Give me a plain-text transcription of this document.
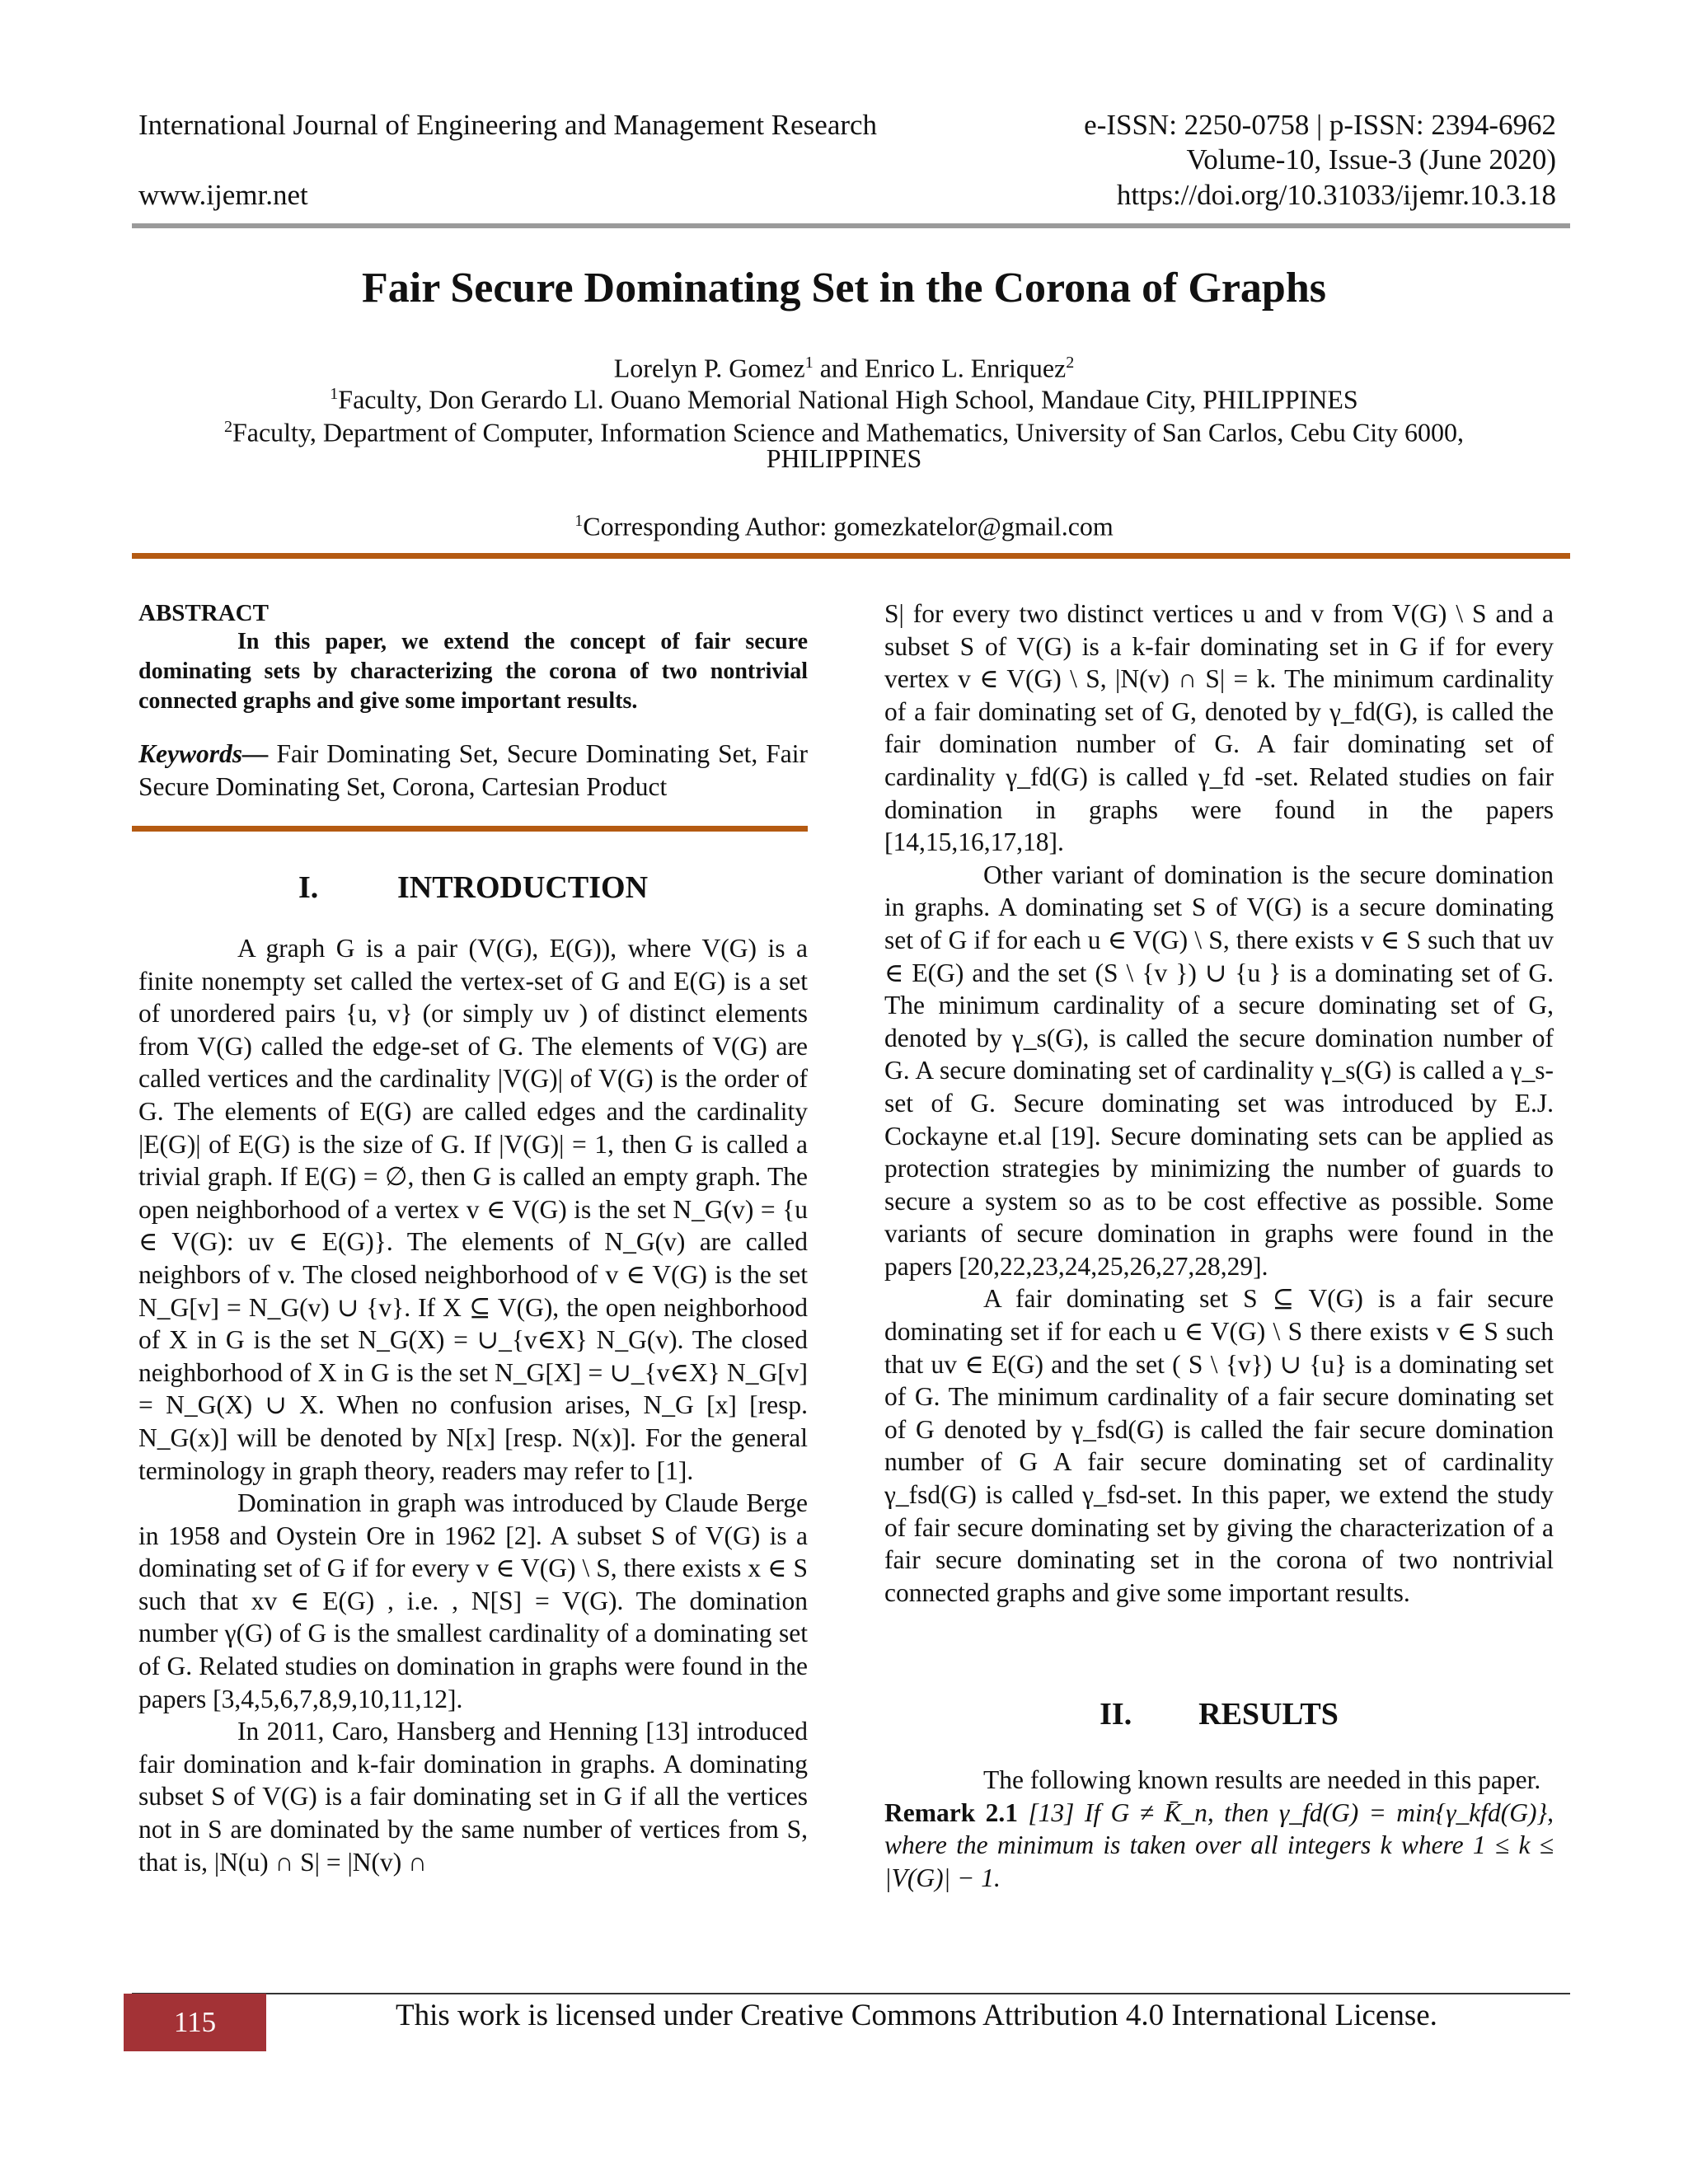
International Journal of Engineering and Management Research	e-ISSN: 2250-0758 | p-ISSN: 2394-6962
Volume-10, Issue-3 (June 2020)
www.ijemr.net	https://doi.org/10.31033/ijemr.10.3.18
Fair Secure Dominating Set in the Corona of Graphs
Lorelyn P. Gomez$^1$ and Enrico L. Enriquez$^2$
$^1$Faculty, Don Gerardo Ll. Ouano Memorial National High School, Mandaue City, PHILIPPINES
$^2$Faculty, Department of Computer, Information Science and Mathematics, University of San Carlos, Cebu City 6000,
PHILIPPINES
$^1$Corresponding Author: gomezkatelor@gmail.com
ABSTRACT

In this paper, we extend the concept of fair secure dominating sets by characterizing the corona of two nontrivial connected graphs and give some important results.

Keywords— Fair Dominating Set, Secure Dominating Set, Fair Secure Dominating Set, Corona, Cartesian Product

I.	INTRODUCTION

A graph G is a pair (V(G), E(G)), where V(G) is a finite nonempty set called the vertex-set of G and E(G) is a set of unordered pairs {u, v} (or simply uv ) of distinct elements from V(G) called the edge-set of G. The elements of V(G) are called vertices and the cardinality |V(G)| of V(G) is the order of G. The elements of E(G) are called edges and the cardinality |E(G)| of E(G) is the size of G. If |V(G)| = 1, then G is called a trivial graph. If E(G) = ∅, then G is called an empty graph. The open neighborhood of a vertex v ∈ V(G) is the set N_G(v) = {u ∈ V(G): uv ∈ E(G)}. The elements of N_G(v) are called neighbors of v. The closed neighborhood of v ∈ V(G) is the set N_G[v] = N_G(v) ∪ {v}. If X ⊆ V(G), the open neighborhood of X in G is the set N_G(X) = ∪_{v∈X} N_G(v). The closed neighborhood of X in G is the set N_G[X] = ∪_{v∈X} N_G[v] = N_G(X) ∪ X. When no confusion arises, N_G [x] [resp. N_G(x)] will be denoted by N[x] [resp. N(x)]. For the general terminology in graph theory, readers may refer to [1].

Domination in graph was introduced by Claude Berge in 1958 and Oystein Ore in 1962 [2]. A subset S of V(G) is a dominating set of G if for every v ∈ V(G) \ S, there exists x ∈ S such that xv ∈ E(G) , i.e. , N[S] = V(G). The domination number γ(G) of G is the smallest cardinality of a dominating set of G. Related studies on domination in graphs were found in the papers [3,4,5,6,7,8,9,10,11,12].

In 2011, Caro, Hansberg and Henning [13] introduced fair domination and k-fair domination in graphs. A dominating subset S of V(G) is a fair dominating set in G if all the vertices not in S are dominated by the same number of vertices from S, that is, |N(u) ∩ S| = |N(v) ∩

S| for every two distinct vertices u and v from V(G) \ S and a subset S of V(G) is a k-fair dominating set in G if for every vertex v ∈ V(G) \ S, |N(v) ∩ S| = k. The minimum cardinality of a fair dominating set of G, denoted by γ_fd(G), is called the fair domination number of G. A fair dominating set of cardinality γ_fd(G) is called γ_fd -set. Related studies on fair domination in graphs were found in the papers [14,15,16,17,18].

Other variant of domination is the secure domination in graphs. A dominating set S of V(G) is a secure dominating set of G if for each u ∈ V(G) \ S, there exists v ∈ S such that uv ∈ E(G) and the set (S \ {v }) ∪ {u } is a dominating set of G. The minimum cardinality of a secure dominating set of G, denoted by γ_s(G), is called the secure domination number of G. A secure dominating set of cardinality γ_s(G) is called a γ_s-set of G. Secure dominating set was introduced by E.J. Cockayne et.al [19]. Secure dominating sets can be applied as protection strategies by minimizing the number of guards to secure a system so as to be cost effective as possible. Some variants of secure domination in graphs were found in the papers [20,22,23,24,25,26,27,28,29].

A fair dominating set S ⊆ V(G) is a fair secure dominating set if for each u ∈ V(G) \ S there exists v ∈ S such that uv ∈ E(G) and the set ( S \ {v}) ∪ {u} is a dominating set of G. The minimum cardinality of a fair secure dominating set of G denoted by γ_fsd(G) is called the fair secure domination number of G A fair secure dominating set of cardinality γ_fsd(G) is called γ_fsd-set. In this paper, we extend the study of fair secure dominating set by giving the characterization of a fair secure dominating set in the corona of two nontrivial connected graphs and give some important results.

II. RESULTS

The following known results are needed in this paper.

Remark 2.1 [13] If G ≠ K̄_n, then γ_fd(G) = min{γ_kfd(G)}, where the minimum is taken over all integers k where 1 ≤ k ≤ |V(G)| − 1.

115	This work is licensed under Creative Commons Attribution 4.0 International License.
